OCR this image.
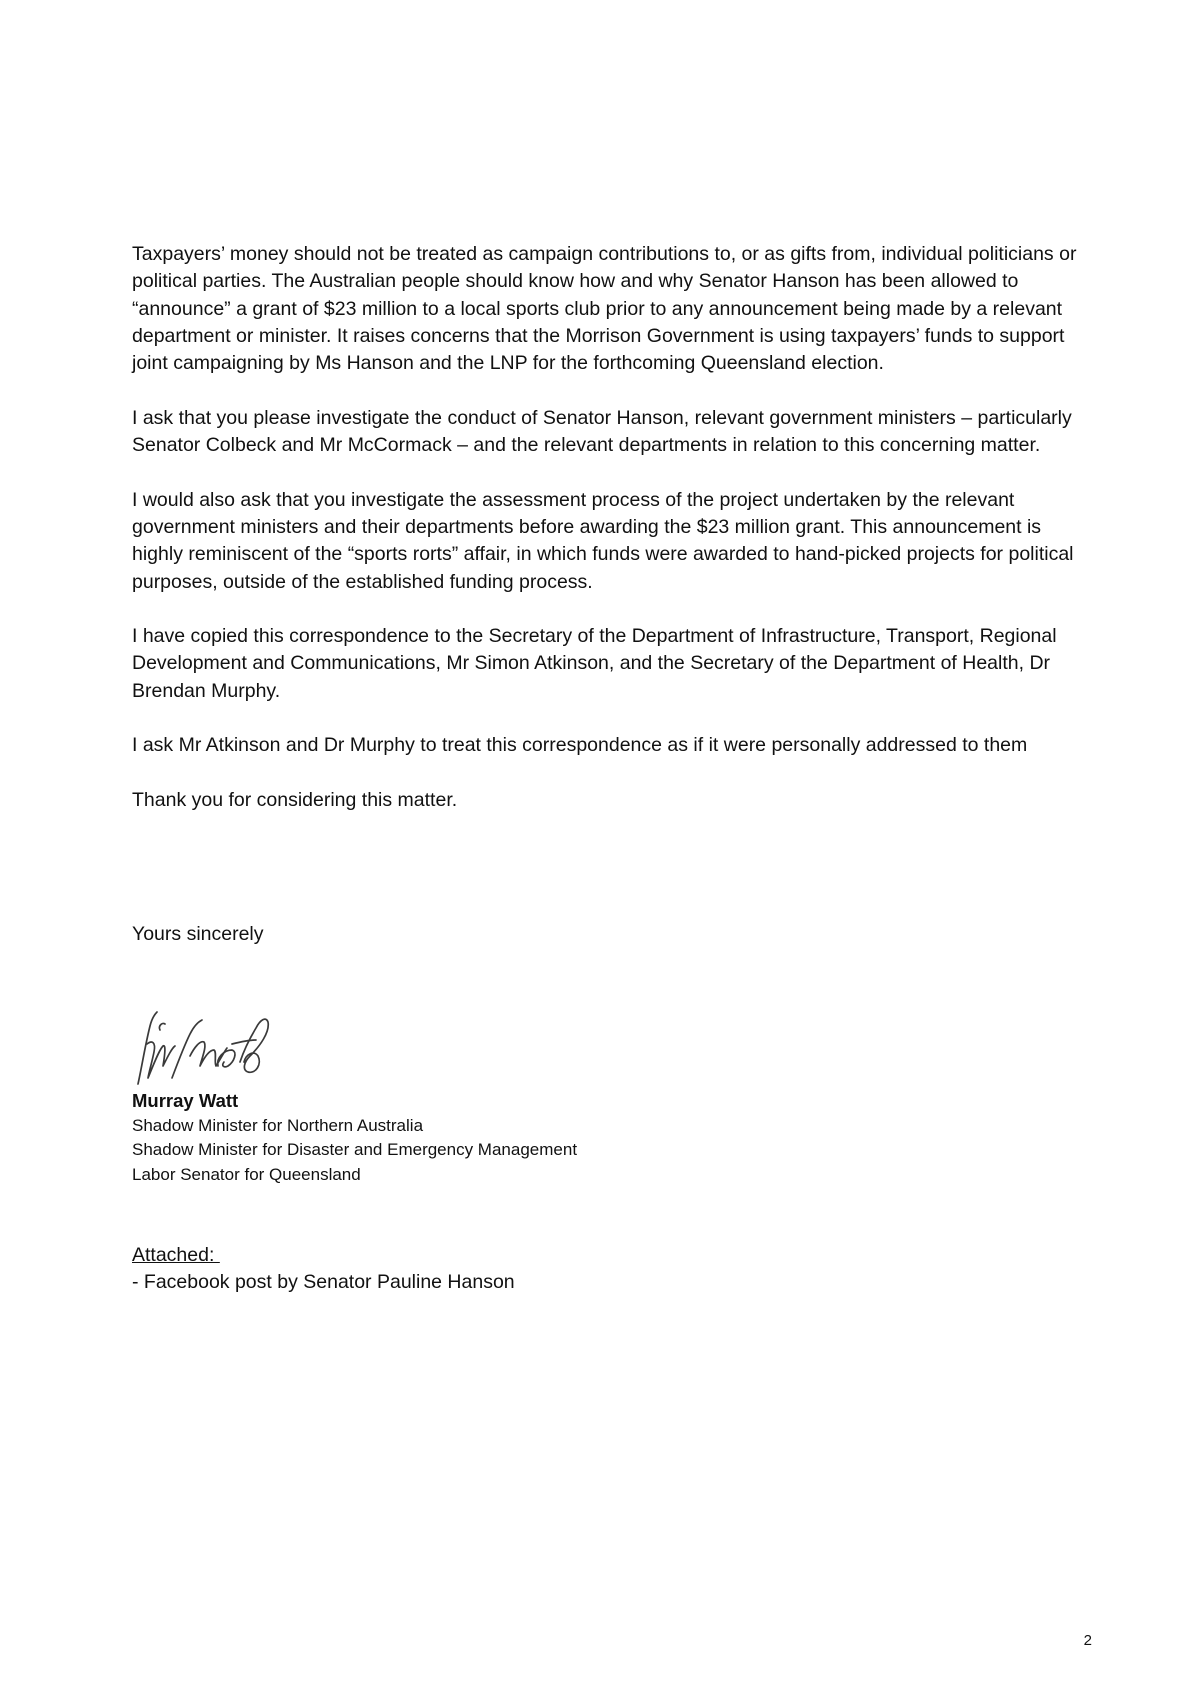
Taxpayers’ money should not be treated as campaign contributions to, or as gifts from, individual politicians or political parties. The Australian people should know how and why Senator Hanson has been allowed to “announce” a grant of $23 million to a local sports club prior to any announcement being made by a relevant department or minister. It raises concerns that the Morrison Government is using taxpayers’ funds to support joint campaigning by Ms Hanson and the LNP for the forthcoming Queensland election.

I ask that you please investigate the conduct of Senator Hanson, relevant government ministers – particularly Senator Colbeck and Mr McCormack – and the relevant departments in relation to this concerning matter.

I would also ask that you investigate the assessment process of the project undertaken by the relevant government ministers and their departments before awarding the $23 million grant. This announcement is highly reminiscent of the “sports rorts” affair, in which funds were awarded to hand-picked projects for political purposes, outside of the established funding process.

I have copied this correspondence to the Secretary of the Department of Infrastructure, Transport, Regional Development and Communications, Mr Simon Atkinson, and the Secretary of the Department of Health, Dr Brendan Murphy.

I ask Mr Atkinson and Dr Murphy to treat this correspondence as if it were personally addressed to them

Thank you for considering this matter.

Yours sincerely

Murray Watt
Shadow Minister for Northern Australia
Shadow Minister for Disaster and Emergency Management
Labor Senator for Queensland
Attached:
- Facebook post by Senator Pauline Hanson
2
